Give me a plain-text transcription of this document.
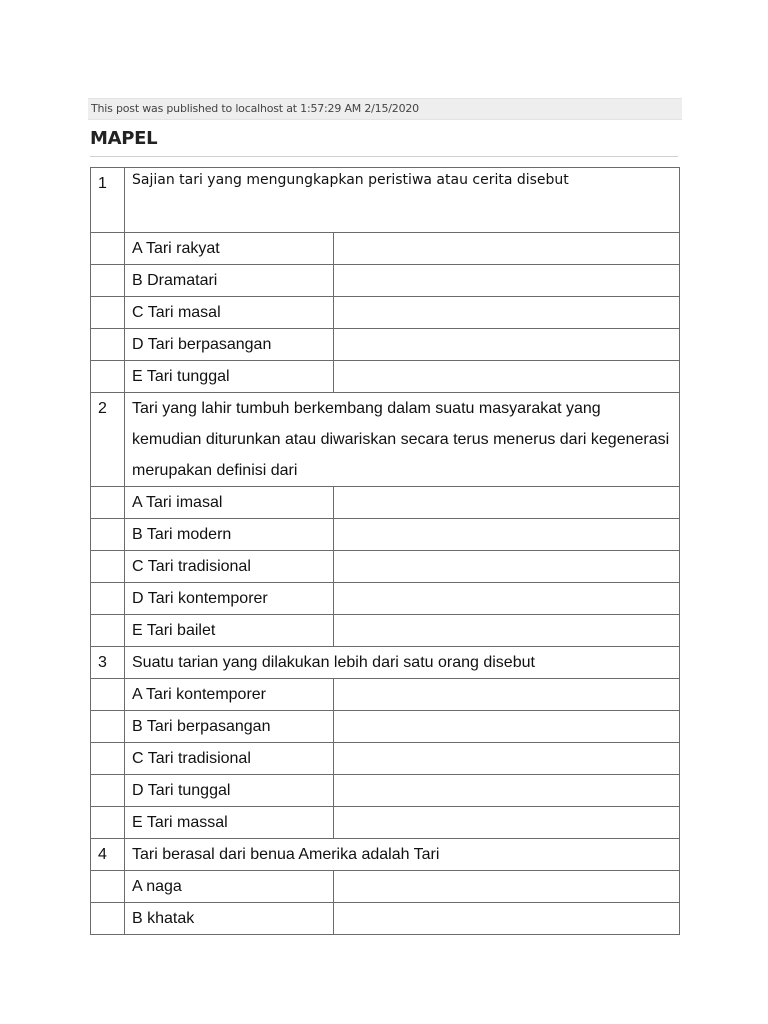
This post was published to localhost at 1:57:29 AM 2/15/2020
MAPEL
1	Sajian tari yang mengungkapkan peristiwa atau cerita disebut	
	A Tari rakyat	
	B Dramatari	
	C Tari masal	
	D Tari berpasangan	
	E Tari tunggal	
2	Tari yang lahir tumbuh berkembang dalam suatu masyarakat yang kemudian diturunkan atau diwariskan secara terus menerus dari kegenerasi merupakan definisi dari	
	A Tari imasal	
	B Tari modern	
	C Tari tradisional	
	D Tari kontemporer	
	E Tari bailet	
3	Suatu tarian yang dilakukan lebih dari satu orang disebut	
	A Tari kontemporer	
	B Tari berpasangan	
	C Tari tradisional	
	D Tari tunggal	
	E Tari massal	
4	Tari berasal dari benua Amerika adalah Tari	
	A naga	
	B khatak	
